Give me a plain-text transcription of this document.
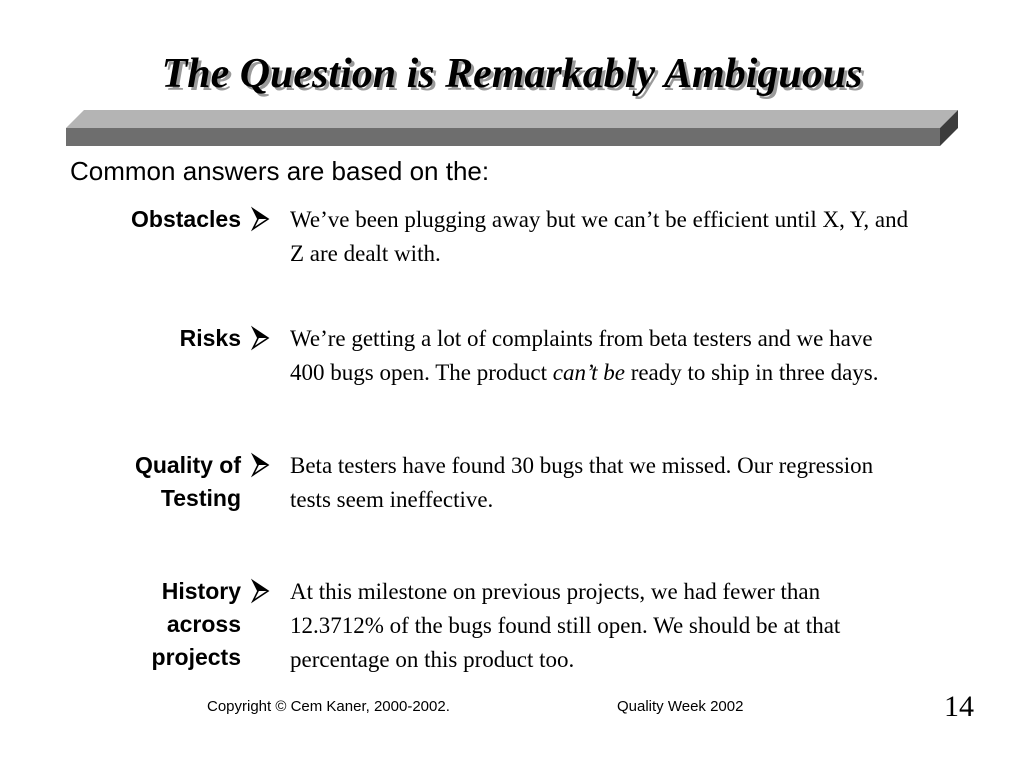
The Question is Remarkably Ambiguous

Common answers are based on the:

Obstacles We’ve been plugging away but we can’t be efficient until X, Y, and Z are dealt with.
Risks We’re getting a lot of complaints from beta testers and we have 400 bugs open. The product can’t be ready to ship in three days.
Quality of
Testing
Beta testers have found 30 bugs that we missed. Our regression tests seem ineffective.
History
across
projects
At this milestone on previous projects, we had fewer than 12.3712% of the bugs found still open. We should be at that percentage on this product too.
Copyright © Cem Kaner, 2000-2002.	Quality Week 2002	14
